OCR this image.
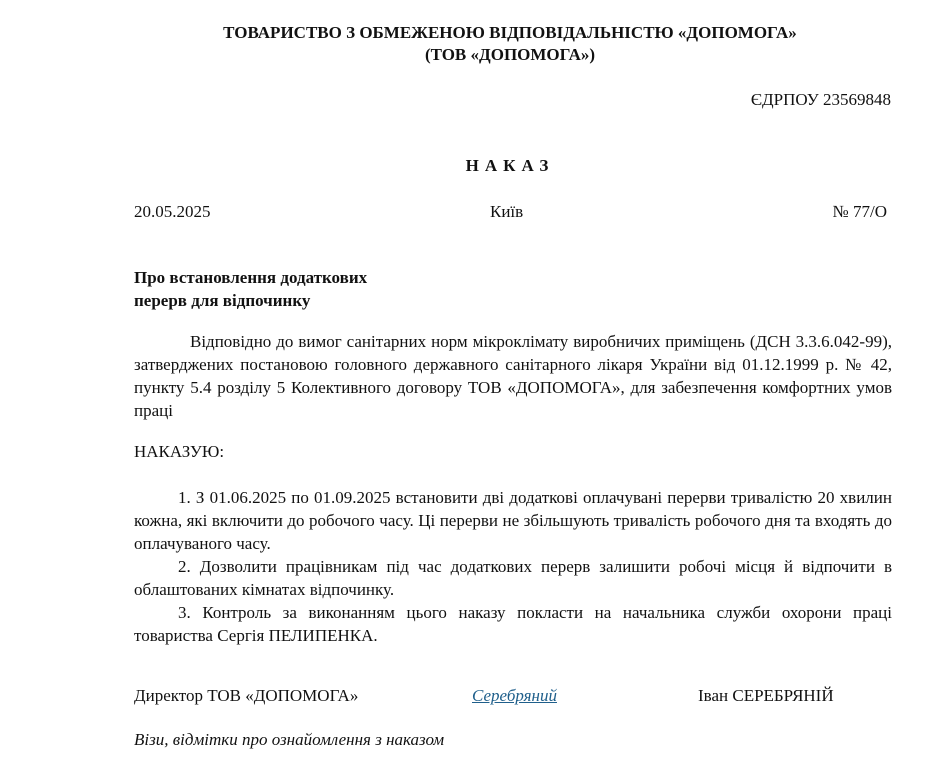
ТОВАРИСТВО З ОБМЕЖЕНОЮ ВІДПОВІДАЛЬНІСТЮ «ДОПОМОГА»
(ТОВ «ДОПОМОГА»)
ЄДРПОУ 23569848
НАКАЗ
20.05.2025	Київ	№ 77/О
Про встановлення додаткових
перерв для відпочинку

Відповідно до вимог санітарних норм мікроклімату виробничих приміщень (ДСН 3.3.6.042-99), затверджених постановою головного державного санітарного лікаря України від 01.12.1999 р. № 42, пункту 5.4 розділу 5 Колективного договору ТОВ «ДОПОМОГА», для забезпечення комфортних умов праці

НАКАЗУЮ:

1. З 01.06.2025 по 01.09.2025 встановити дві додаткові оплачувані перерви тривалістю 20 хвилин кожна, які включити до робочого часу. Ці перерви не збільшують тривалість робочого дня та входять до оплачуваного часу.

2. Дозволити працівникам під час додаткових перерв залишити робочі місця й відпочити в облаштованих кімнатах відпочинку.

3. Контроль за виконанням цього наказу покласти на начальника служби охорони праці товариства Сергія ПЕЛИПЕНКА.

Директор ТОВ «ДОПОМОГА»	Серебряний	Іван СЕРЕБРЯНІЙ
Візи, відмітки про ознайомлення з наказом
